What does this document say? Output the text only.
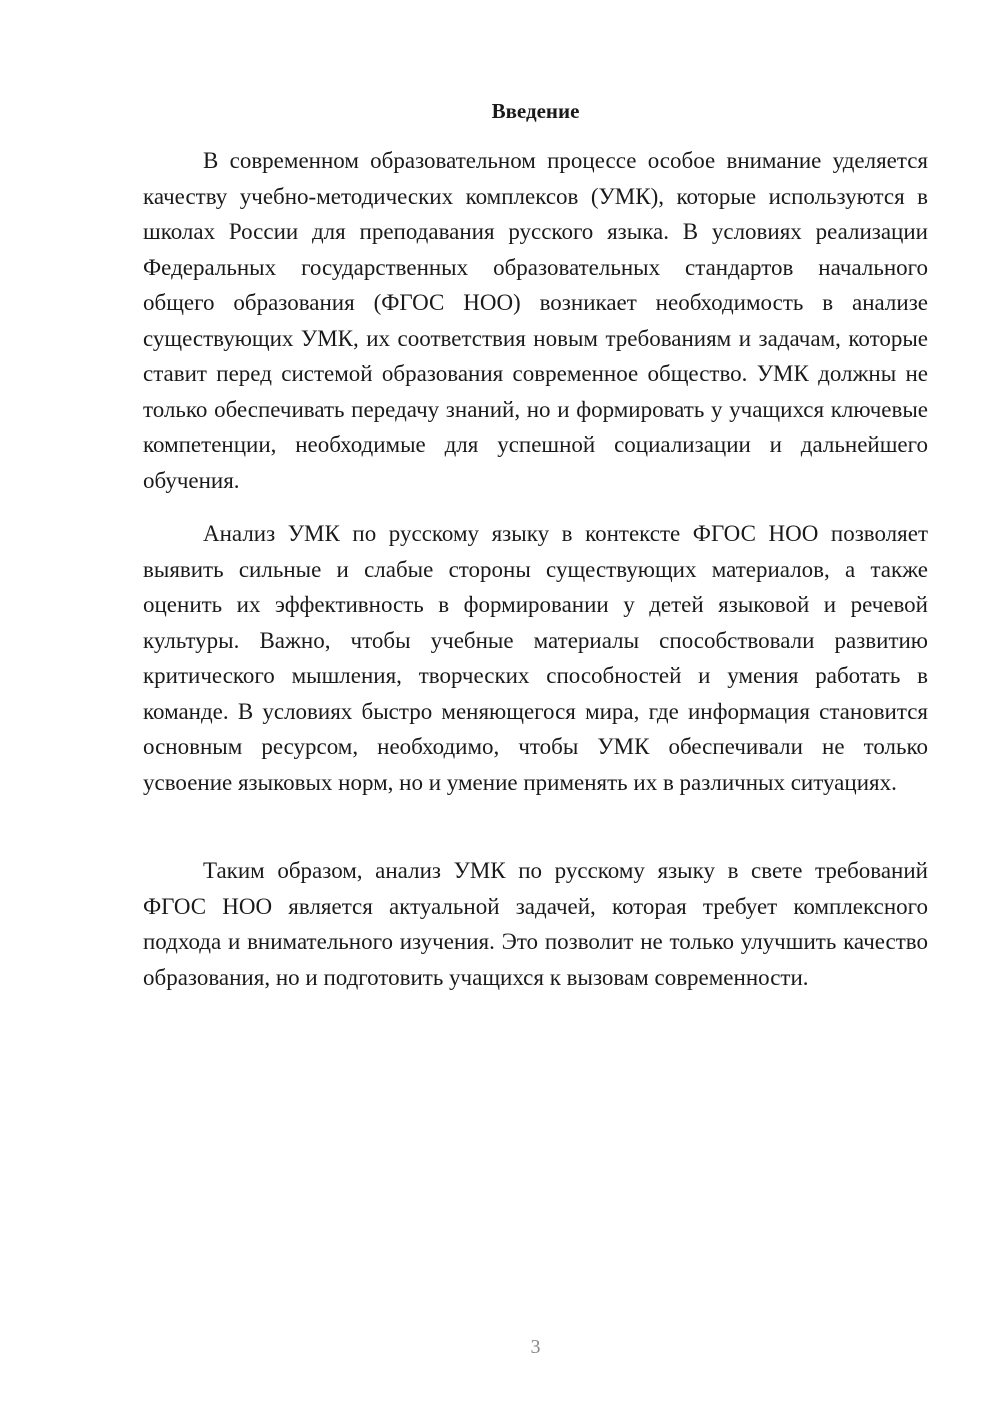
Введение

В современном образовательном процессе особое внимание уделяется качеству учебно-методических комплексов (УМК), которые используются в школах России для преподавания русского языка. В условиях реализации Федеральных государственных образовательных стандартов начального общего образования (ФГОС НОО) возникает необходимость в анализе существующих УМК, их соответствия новым требованиям и задачам, которые ставит перед системой образования современное общество. УМК должны не только обеспечивать передачу знаний, но и формировать у учащихся ключевые компетенции, необходимые для успешной социализации и дальнейшего обучения.

Анализ УМК по русскому языку в контексте ФГОС НОО позволяет выявить сильные и слабые стороны существующих материалов, а также оценить их эффективность в формировании у детей языковой и речевой культуры. Важно, чтобы учебные материалы способствовали развитию критического мышления, творческих способностей и умения работать в команде. В условиях быстро меняющегося мира, где информация становится основным ресурсом, необходимо, чтобы УМК обеспечивали не только усвоение языковых норм, но и умение применять их в различных ситуациях.

Таким образом, анализ УМК по русскому языку в свете требований ФГОС НОО является актуальной задачей, которая требует комплексного подхода и внимательного изучения. Это позволит не только улучшить качество образования, но и подготовить учащихся к вызовам современности.

3
